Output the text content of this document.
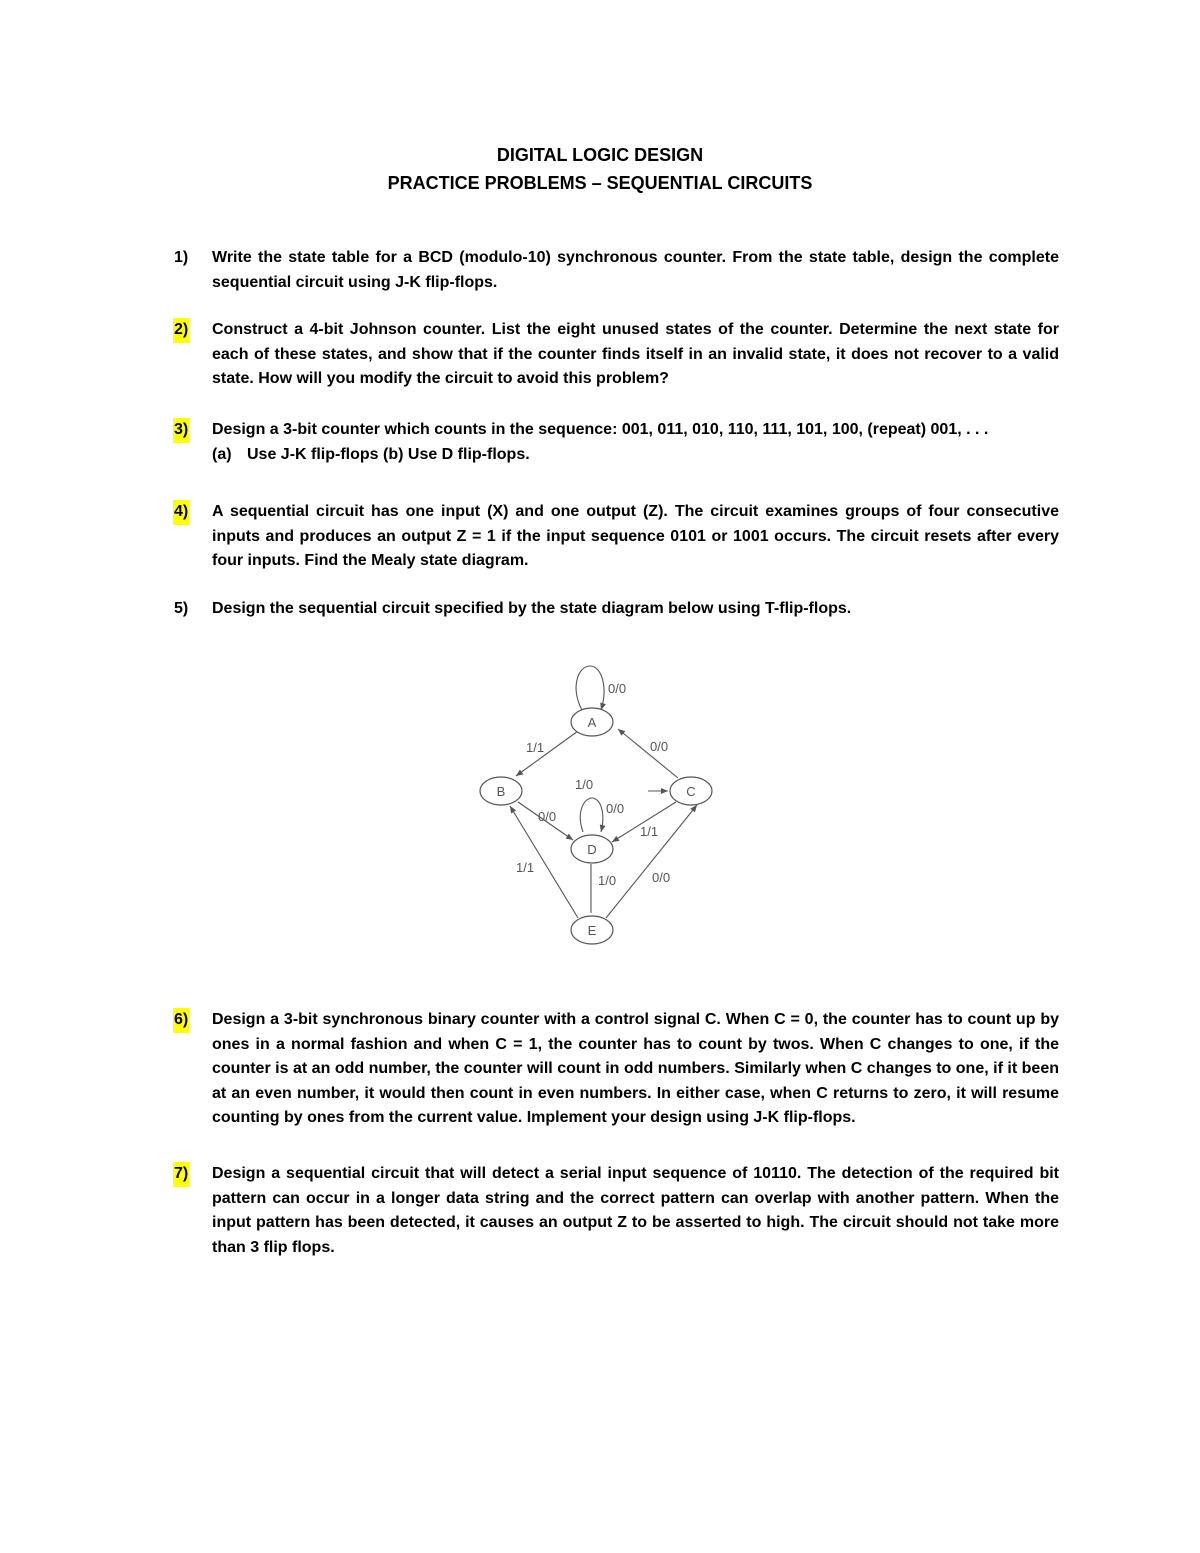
DIGITAL LOGIC DESIGN
PRACTICE PROBLEMS – SEQUENTIAL CIRCUITS
1) Write the state table for a BCD (modulo-10) synchronous counter. From the state table, design the complete sequential circuit using J-K flip-flops.
2) Construct a 4-bit Johnson counter. List the eight unused states of the counter. Determine the next state for each of these states, and show that if the counter finds itself in an invalid state, it does not recover to a valid state. How will you modify the circuit to avoid this problem?
3) Design a 3-bit counter which counts in the sequence: 001, 011, 010, 110, 111, 101, 100, (repeat) 001, . . .
(a) Use J-K flip-flops (b) Use D flip-flops.
4) A sequential circuit has one input (X) and one output (Z). The circuit examines groups of four consecutive inputs and produces an output Z = 1 if the input sequence 0101 or 1001 occurs. The circuit resets after every four inputs. Find the Mealy state diagram.
5) Design the sequential circuit specified by the state diagram below using T-flip-flops.
A
B	C
D
E
0/0
1/1	0/0
1/0
0/0
0/0
1/1
1/1
1/0	0/0
6) Design a 3-bit synchronous binary counter with a control signal C. When C = 0, the counter has to count up by ones in a normal fashion and when C = 1, the counter has to count by twos. When C changes to one, if the counter is at an odd number, the counter will count in odd numbers. Similarly when C changes to one, if it been at an even number, it would then count in even numbers. In either case, when C returns to zero, it will resume counting by ones from the current value. Implement your design using J-K flip-flops.
7) Design a sequential circuit that will detect a serial input sequence of 10110. The detection of the required bit pattern can occur in a longer data string and the correct pattern can overlap with another pattern. When the input pattern has been detected, it causes an output Z to be asserted to high. The circuit should not take more than 3 flip flops.
